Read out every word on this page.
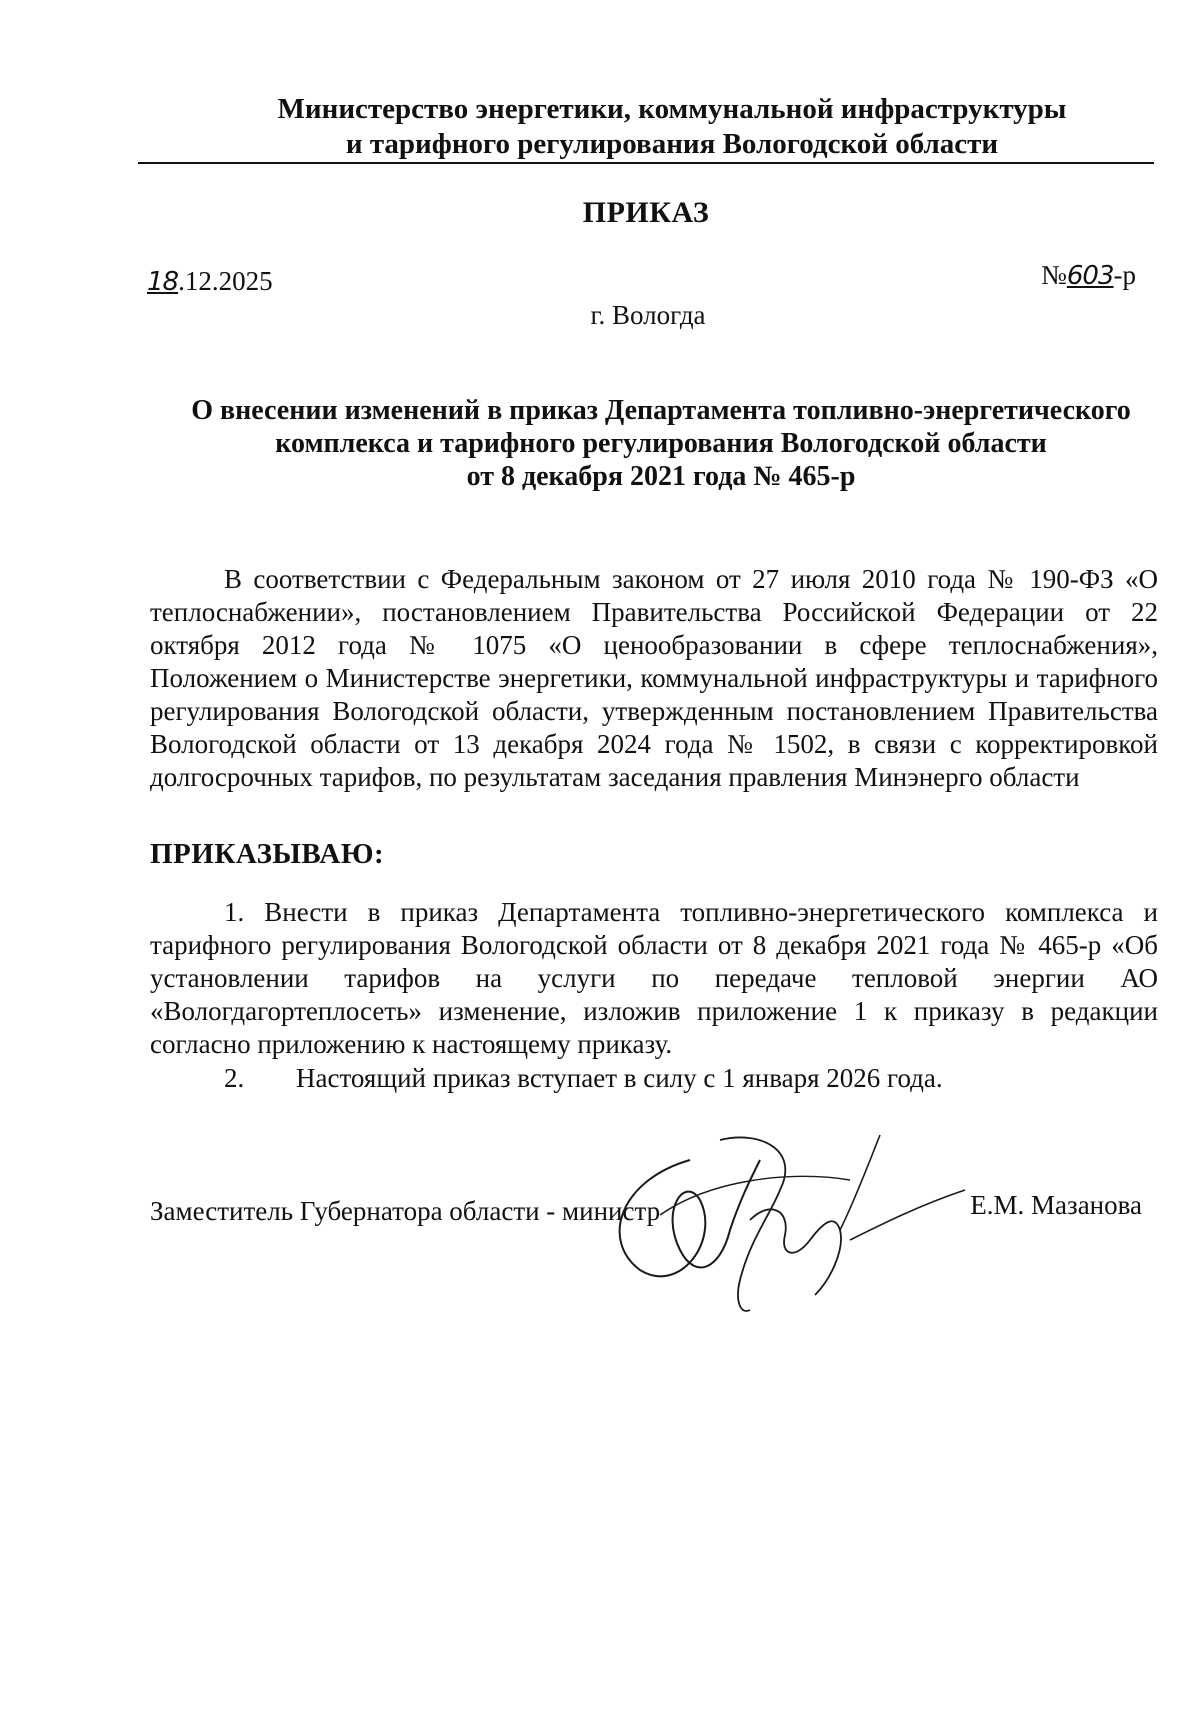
Министерство энергетики, коммунальной инфраструктуры
и тарифного регулирования Вологодской области
ПРИКАЗ
18.12.2025	№603-р
г. Вологда
О внесении изменений в приказ Департамента топливно-энергетического
комплекса и тарифного регулирования Вологодской области
от 8 декабря 2021 года № 465-р
В соответствии с Федеральным законом от 27 июля 2010 года № 190-ФЗ «О теплоснабжении», постановлением Правительства Российской Федерации от 22 октября 2012 года № 1075 «О ценообразовании в сфере теплоснабжения», Положением о Министерстве энергетики, коммунальной инфраструктуры и тарифного регулирования Вологодской области, утвержденным постановлением Правительства Вологодской области от 13 декабря 2024 года № 1502, в связи с корректировкой долгосрочных тарифов, по результатам заседания правления Минэнерго области
ПРИКАЗЫВАЮ:
1. Внести в приказ Департамента топливно-энергетического комплекса и тарифного регулирования Вологодской области от 8 декабря 2021 года № 465-р «Об установлении тарифов на услуги по передаче тепловой энергии АО «Вологдагортеплосеть» изменение, изложив приложение 1 к приказу в редакции согласно приложению к настоящему приказу.
2. Настоящий приказ вступает в силу с 1 января 2026 года.
Заместитель Губернатора области - министр	Е.М. Мазанова
